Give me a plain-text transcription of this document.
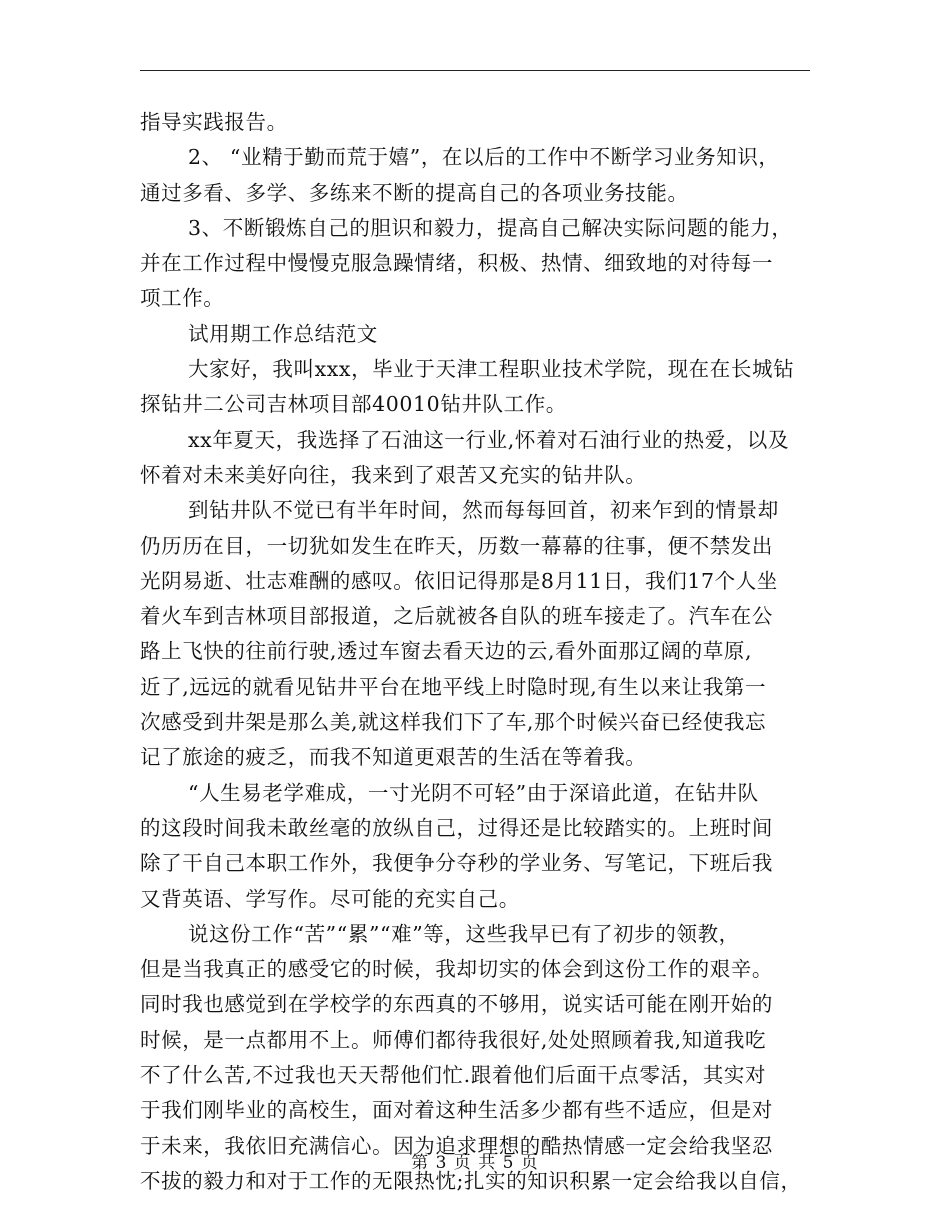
指导实践报告。
2、 “业精于勤而荒于嬉”，在以后的工作中不断学习业务知识，
通过多看、多学、多练来不断的提高自己的各项业务技能。
3、不断锻炼自己的胆识和毅力，提高自己解决实际问题的能力，
并在工作过程中慢慢克服急躁情绪，积极、热情、细致地的对待每一
项工作。
试用期工作总结范文
大家好，我叫xxx，毕业于天津工程职业技术学院，现在在长城钻
探钻井二公司吉林项目部40010钻井队工作。
xx年夏天，我选择了石油这一行业,怀着对石油行业的热爱，以及
怀着对未来美好向往，我来到了艰苦又充实的钻井队。
到钻井队不觉已有半年时间，然而每每回首，初来乍到的情景却
仍历历在目，一切犹如发生在昨天，历数一幕幕的往事，便不禁发出
光阴易逝、壮志难酬的感叹。依旧记得那是8月11日，我们17个人坐
着火车到吉林项目部报道，之后就被各自队的班车接走了。汽车在公
路上飞快的往前行驶,透过车窗去看天边的云,看外面那辽阔的草原,
近了,远远的就看见钻井平台在地平线上时隐时现,有生以来让我第一
次感受到井架是那么美,就这样我们下了车,那个时候兴奋已经使我忘
记了旅途的疲乏，而我不知道更艰苦的生活在等着我。
“人生易老学难成，一寸光阴不可轻”由于深谙此道，在钻井队
的这段时间我未敢丝毫的放纵自己，过得还是比较踏实的。上班时间
除了干自己本职工作外，我便争分夺秒的学业务、写笔记，下班后我
又背英语、学写作。尽可能的充实自己。
说这份工作“苦”“累”“难”等，这些我早已有了初步的领教，
但是当我真正的感受它的时候，我却切实的体会到这份工作的艰辛。
同时我也感觉到在学校学的东西真的不够用，说实话可能在刚开始的
时候，是一点都用不上。师傅们都待我很好,处处照顾着我,知道我吃
不了什么苦,不过我也天天帮他们忙.跟着他们后面干点零活，其实对
于我们刚毕业的高校生，面对着这种生活多少都有些不适应，但是对
于未来，我依旧充满信心。因为追求理想的酷热情感一定会给我坚忍
不拔的毅力和对于工作的无限热忱;扎实的知识积累一定会给我以自信，
第 3 页 共 5 页
